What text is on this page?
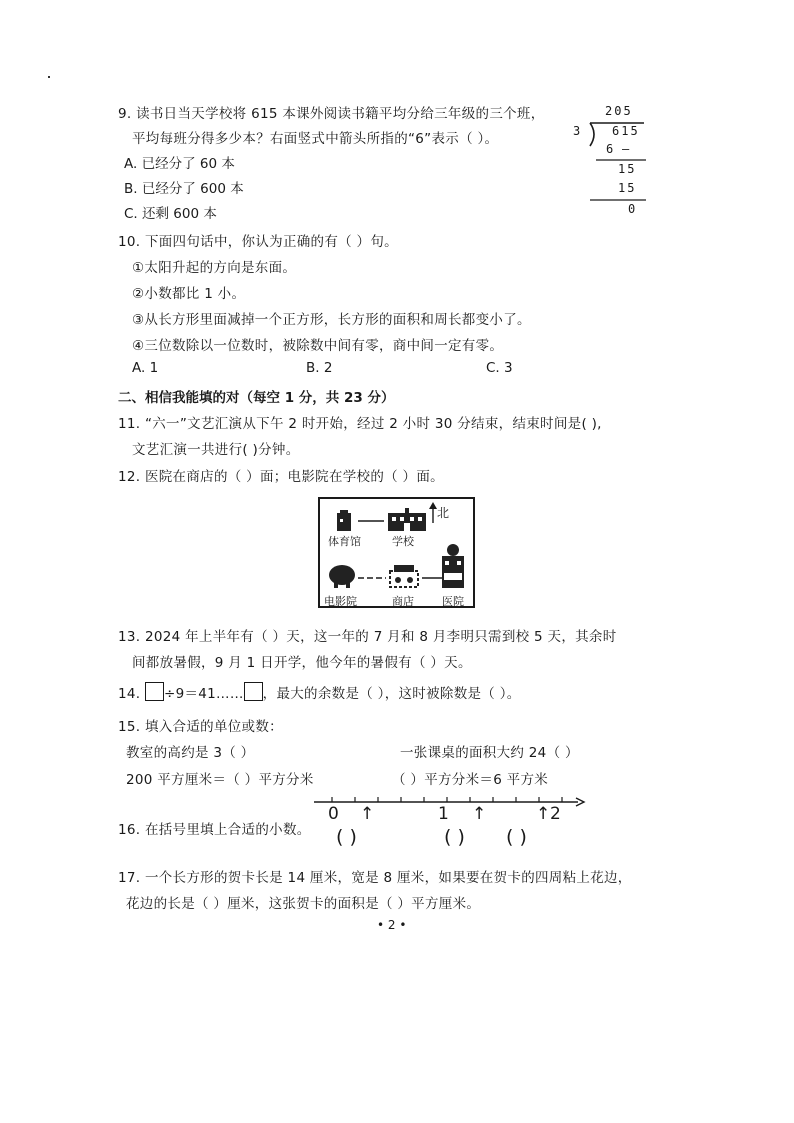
9. 读书日当天学校将 615 本课外阅读书籍平均分给三年级的三个班，
平均每班分得多少本？右面竖式中箭头所指的“6”表示（ ）。
A. 已经分了 60 本
B. 已经分了 600 本
C. 还剩 600 本
205
3 615
6 —
15
15
0
10. 下面四句话中，你认为正确的有（ ）句。
①太阳升起的方向是东面。
②小数都比 1 小。
③从长方形里面减掉一个正方形，长方形的面积和周长都变小了。
④三位数除以一位数时，被除数中间有零，商中间一定有零。
A. 1	B. 2	C. 3
二、相信我能填的对（每空 1 分，共 23 分）
11. “六一”文艺汇演从下午 2 时开始，经过 2 小时 30 分结束，结束时间是( ),
文艺汇演一共进行( )分钟。
12. 医院在商店的（ ）面；电影院在学校的（ ）面。
北
体育馆	学校
电影院	商店	医院
13. 2024 年上半年有（ ）天，这一年的 7 月和 8 月李明只需到校 5 天，其余时
间都放暑假，9 月 1 日开学，他今年的暑假有（ ）天。
14. ÷9＝41…… ，最大的余数是（ ），这时被除数是（ ）。
15. 填入合适的单位或数：
教室的高约是 3（ ）	一张课桌的面积大约 24（ ）
200 平方厘米＝（ ）平方分米	（ ）平方分米＝6 平方米
16. 在括号里填上合适的小数。
0 ↑	1 ↑	↑ 2
( )	( ) ( )
17. 一个长方形的贺卡长是 14 厘米，宽是 8 厘米，如果要在贺卡的四周粘上花边，
花边的长是（ ）厘米，这张贺卡的面积是（ ）平方厘米。
• 2 •
